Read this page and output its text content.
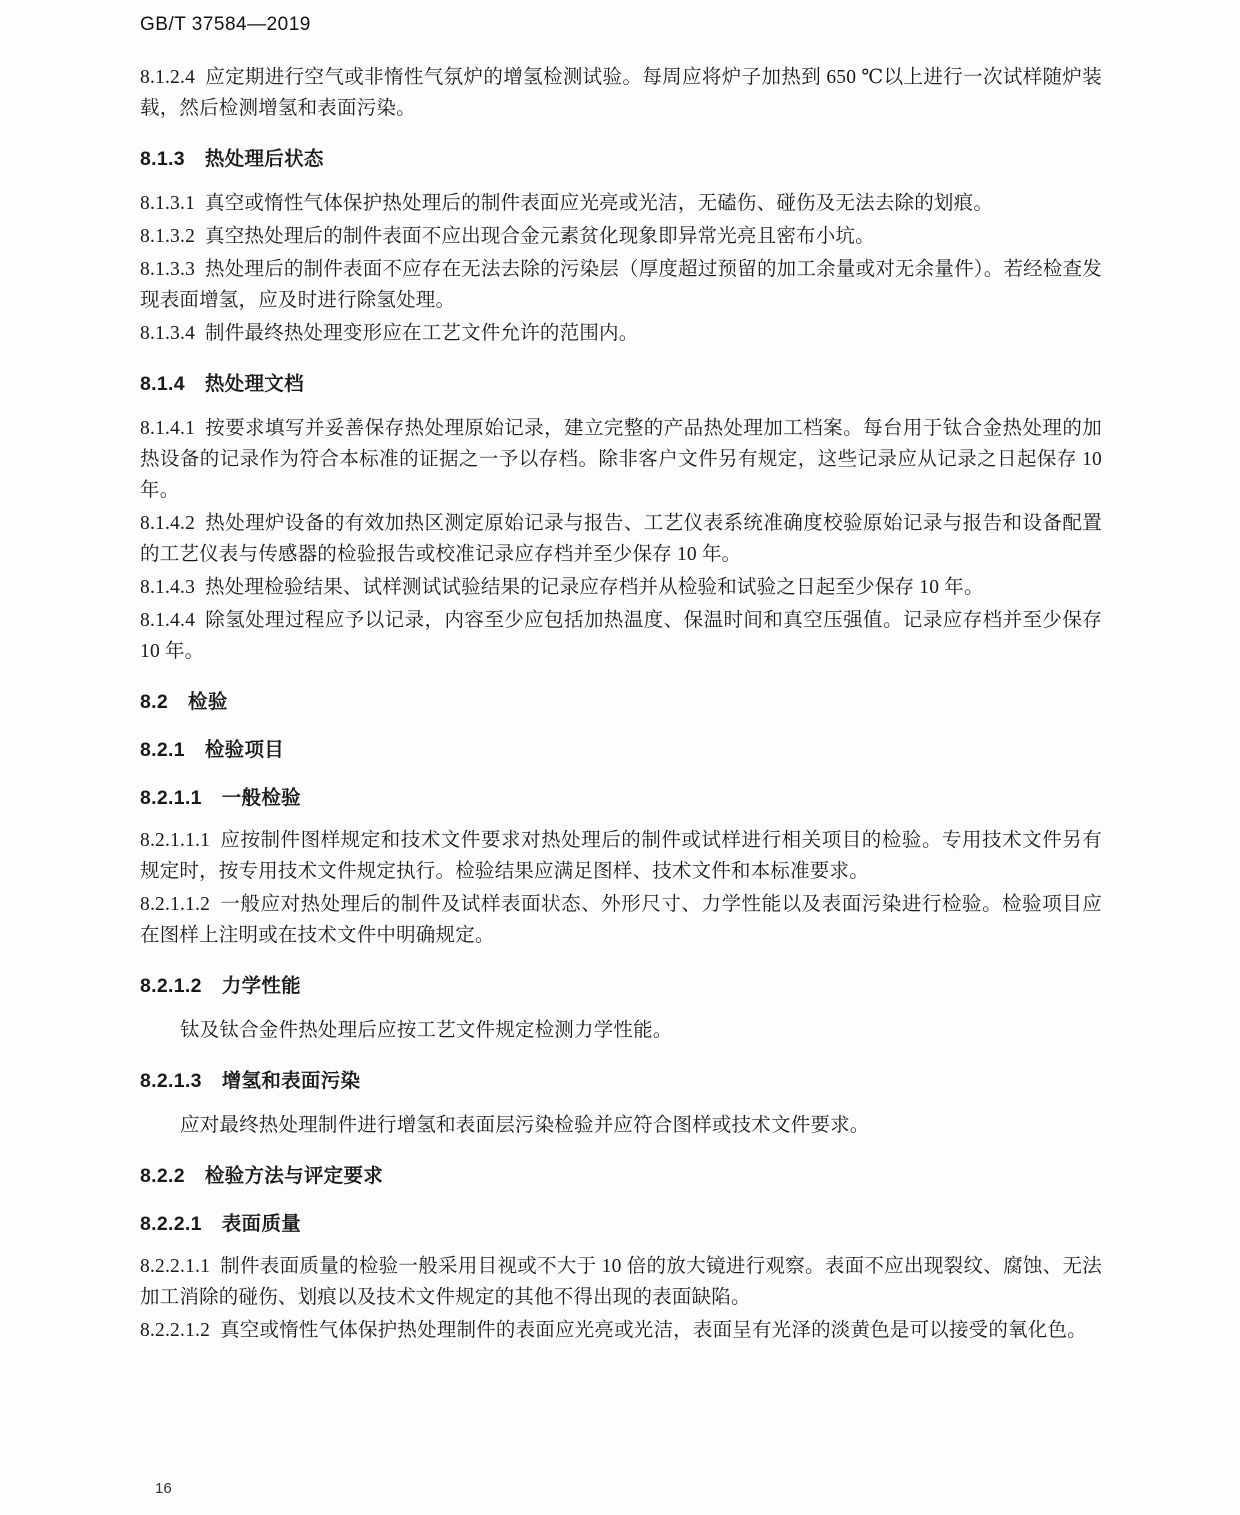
GB/T 37584—2019

8.1.2.4 应定期进行空气或非惰性气氛炉的增氢检测试验。每周应将炉子加热到 650 ℃以上进行一次试样随炉装载，然后检测增氢和表面污染。

8.1.3 热处理后状态

8.1.3.1 真空或惰性气体保护热处理后的制件表面应光亮或光洁，无磕伤、碰伤及无法去除的划痕。

8.1.3.2 真空热处理后的制件表面不应出现合金元素贫化现象即异常光亮且密布小坑。

8.1.3.3 热处理后的制件表面不应存在无法去除的污染层（厚度超过预留的加工余量或对无余量件）。若经检查发现表面增氢，应及时进行除氢处理。

8.1.3.4 制件最终热处理变形应在工艺文件允许的范围内。

8.1.4 热处理文档

8.1.4.1 按要求填写并妥善保存热处理原始记录，建立完整的产品热处理加工档案。每台用于钛合金热处理的加热设备的记录作为符合本标准的证据之一予以存档。除非客户文件另有规定，这些记录应从记录之日起保存 10 年。

8.1.4.2 热处理炉设备的有效加热区测定原始记录与报告、工艺仪表系统准确度校验原始记录与报告和设备配置的工艺仪表与传感器的检验报告或校准记录应存档并至少保存 10 年。

8.1.4.3 热处理检验结果、试样测试试验结果的记录应存档并从检验和试验之日起至少保存 10 年。

8.1.4.4 除氢处理过程应予以记录，内容至少应包括加热温度、保温时间和真空压强值。记录应存档并至少保存 10 年。

8.2 检验

8.2.1 检验项目

8.2.1.1 一般检验

8.2.1.1.1 应按制件图样规定和技术文件要求对热处理后的制件或试样进行相关项目的检验。专用技术文件另有规定时，按专用技术文件规定执行。检验结果应满足图样、技术文件和本标准要求。

8.2.1.1.2 一般应对热处理后的制件及试样表面状态、外形尺寸、力学性能以及表面污染进行检验。检验项目应在图样上注明或在技术文件中明确规定。

8.2.1.2 力学性能

钛及钛合金件热处理后应按工艺文件规定检测力学性能。

8.2.1.3 增氢和表面污染

应对最终热处理制件进行增氢和表面层污染检验并应符合图样或技术文件要求。

8.2.2 检验方法与评定要求

8.2.2.1 表面质量

8.2.2.1.1 制件表面质量的检验一般采用目视或不大于 10 倍的放大镜进行观察。表面不应出现裂纹、腐蚀、无法加工消除的碰伤、划痕以及技术文件规定的其他不得出现的表面缺陷。

8.2.2.1.2 真空或惰性气体保护热处理制件的表面应光亮或光洁，表面呈有光泽的淡黄色是可以接受的氧化色。

16
